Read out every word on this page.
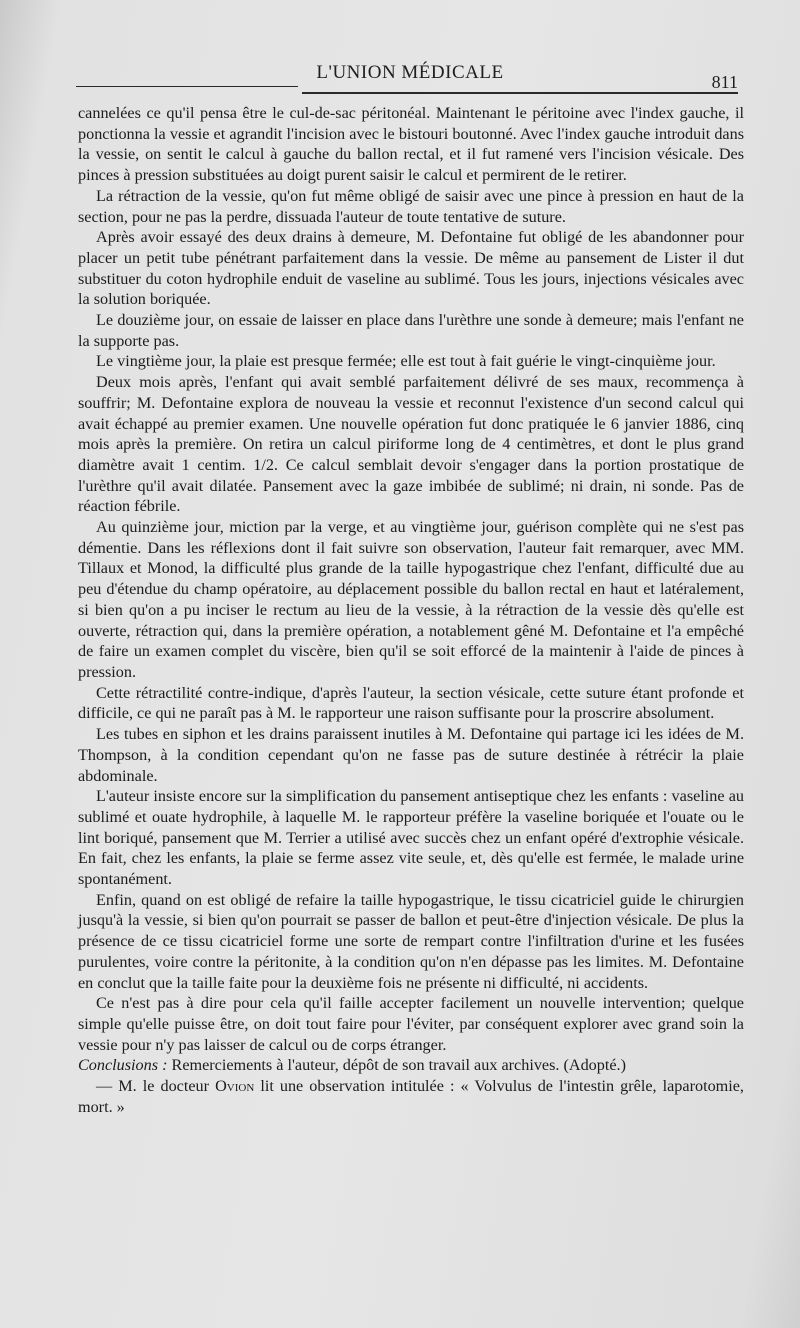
L'UNION MÉDICALE	811

cannelées ce qu'il pensa être le cul-de-sac péritonéal. Maintenant le péritoine avec l'index gauche, il ponctionna la vessie et agrandit l'incision avec le bistouri boutonné. Avec l'index gauche introduit dans la vessie, on sentit le calcul à gauche du ballon rectal, et il fut ramené vers l'incision vésicale. Des pinces à pression substituées au doigt purent saisir le calcul et permirent de le retirer.

La rétraction de la vessie, qu'on fut même obligé de saisir avec une pince à pression en haut de la section, pour ne pas la perdre, dissuada l'auteur de toute tentative de suture.

Après avoir essayé des deux drains à demeure, M. Defontaine fut obligé de les abandonner pour placer un petit tube pénétrant parfaitement dans la vessie. De même au pansement de Lister il dut substituer du coton hydrophile enduit de vaseline au sublimé. Tous les jours, injections vésicales avec la solution boriquée.

Le douzième jour, on essaie de laisser en place dans l'urèthre une sonde à demeure; mais l'enfant ne la supporte pas.

Le vingtième jour, la plaie est presque fermée; elle est tout à fait guérie le vingt-cinquième jour.

Deux mois après, l'enfant qui avait semblé parfaitement délivré de ses maux, recommença à souffrir; M. Defontaine explora de nouveau la vessie et reconnut l'existence d'un second calcul qui avait échappé au premier examen. Une nouvelle opération fut donc pratiquée le 6 janvier 1886, cinq mois après la première. On retira un calcul piriforme long de 4 centimètres, et dont le plus grand diamètre avait 1 centim. 1/2. Ce calcul semblait devoir s'engager dans la portion prostatique de l'urèthre qu'il avait dilatée. Pansement avec la gaze imbibée de sublimé; ni drain, ni sonde. Pas de réaction fébrile.

Au quinzième jour, miction par la verge, et au vingtième jour, guérison complète qui ne s'est pas démentie. Dans les réflexions dont il fait suivre son observation, l'auteur fait remarquer, avec MM. Tillaux et Monod, la difficulté plus grande de la taille hypogastrique chez l'enfant, difficulté due au peu d'étendue du champ opératoire, au déplacement possible du ballon rectal en haut et latéralement, si bien qu'on a pu inciser le rectum au lieu de la vessie, à la rétraction de la vessie dès qu'elle est ouverte, rétraction qui, dans la première opération, a notablement gêné M. Defontaine et l'a empêché de faire un examen complet du viscère, bien qu'il se soit efforcé de la maintenir à l'aide de pinces à pression.

Cette rétractilité contre-indique, d'après l'auteur, la section vésicale, cette suture étant profonde et difficile, ce qui ne paraît pas à M. le rapporteur une raison suffisante pour la proscrire absolument.

Les tubes en siphon et les drains paraissent inutiles à M. Defontaine qui partage ici les idées de M. Thompson, à la condition cependant qu'on ne fasse pas de suture destinée à rétrécir la plaie abdominale.

L'auteur insiste encore sur la simplification du pansement antiseptique chez les enfants : vaseline au sublimé et ouate hydrophile, à laquelle M. le rapporteur préfère la vaseline boriquée et l'ouate ou le lint boriqué, pansement que M. Terrier a utilisé avec succès chez un enfant opéré d'extrophie vésicale. En fait, chez les enfants, la plaie se ferme assez vite seule, et, dès qu'elle est fermée, le malade urine spontanément.

Enfin, quand on est obligé de refaire la taille hypogastrique, le tissu cicatriciel guide le chirurgien jusqu'à la vessie, si bien qu'on pourrait se passer de ballon et peut-être d'injection vésicale. De plus la présence de ce tissu cicatriciel forme une sorte de rempart contre l'infiltration d'urine et les fusées purulentes, voire contre la péritonite, à la condition qu'on n'en dépasse pas les limites. M. Defontaine en conclut que la taille faite pour la deuxième fois ne présente ni difficulté, ni accidents.

Ce n'est pas à dire pour cela qu'il faille accepter facilement un nouvelle intervention; quelque simple qu'elle puisse être, on doit tout faire pour l'éviter, par conséquent explorer avec grand soin la vessie pour n'y pas laisser de calcul ou de corps étranger.

Conclusions : Remerciements à l'auteur, dépôt de son travail aux archives. (Adopté.)

— M. le docteur Ovion lit une observation intitulée : « Volvulus de l'intestin grêle, laparotomie, mort. »
